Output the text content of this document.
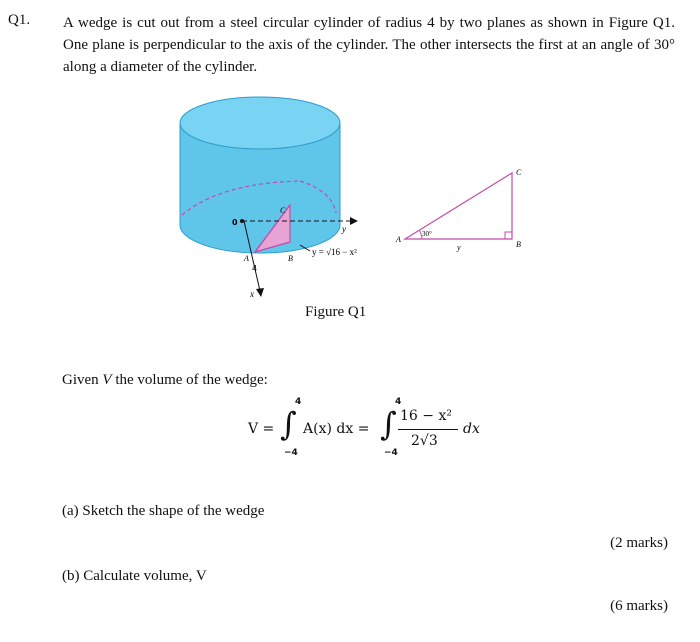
Q1. A wedge is cut out from a steel circular cylinder of radius 4 by two planes as shown in Figure Q1. One plane is perpendicular to the axis of the cylinder. The other intersects the first at an angle of 30° along a diameter of the cylinder.
0
y
x
A	B
C
4
y = √16 − x²
A
B
C
y
30°
Figure Q1
Given V the volume of the wedge:
V = ∫
4
−4
A(x) dx = ∫
4
−4
16 − x²
2√3
dx
(a) Sketch the shape of the wedge
(2 marks)
(b) Calculate volume, V
(6 marks)
